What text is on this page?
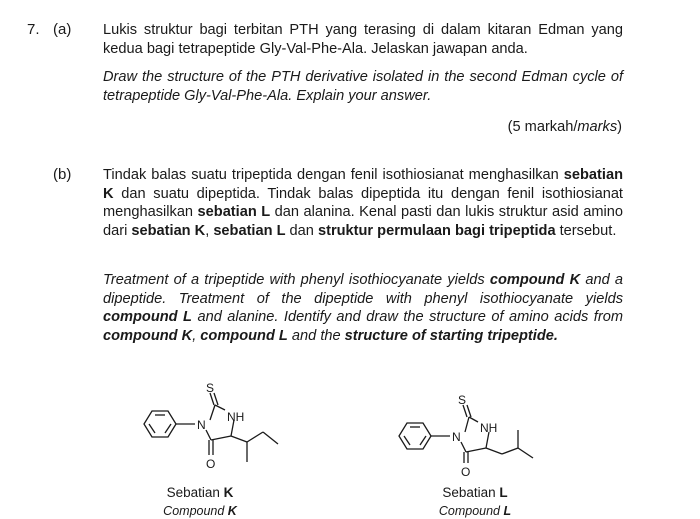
7. (a) Lukis struktur bagi terbitan PTH yang terasing di dalam kitaran Edman yang kedua bagi tetrapeptide Gly-Val-Phe-Ala. Jelaskan jawapan anda.
Draw the structure of the PTH derivative isolated in the second Edman cycle of tetrapeptide Gly-Val-Phe-Ala. Explain your answer.
(5 markah/marks)
(b) Tindak balas suatu tripeptida dengan fenil isothiosianat menghasilkan sebatian K dan suatu dipeptida. Tindak balas dipeptida itu dengan fenil isothiosianat menghasilkan sebatian L dan alanina. Kenal pasti dan lukis struktur asid amino dari sebatian K, sebatian L dan struktur permulaan bagi tripeptida tersebut.
Treatment of a tripeptide with phenyl isothiocyanate yields compound K and a dipeptide. Treatment of the dipeptide with phenyl isothiocyanate yields compound L and alanine. Identify and draw the structure of amino acids from compound K, compound L and the structure of starting tripeptide.
S
NH
N
O
Sebatian K
Compound K
S
NH
N
O
Sebatian L
Compound L
